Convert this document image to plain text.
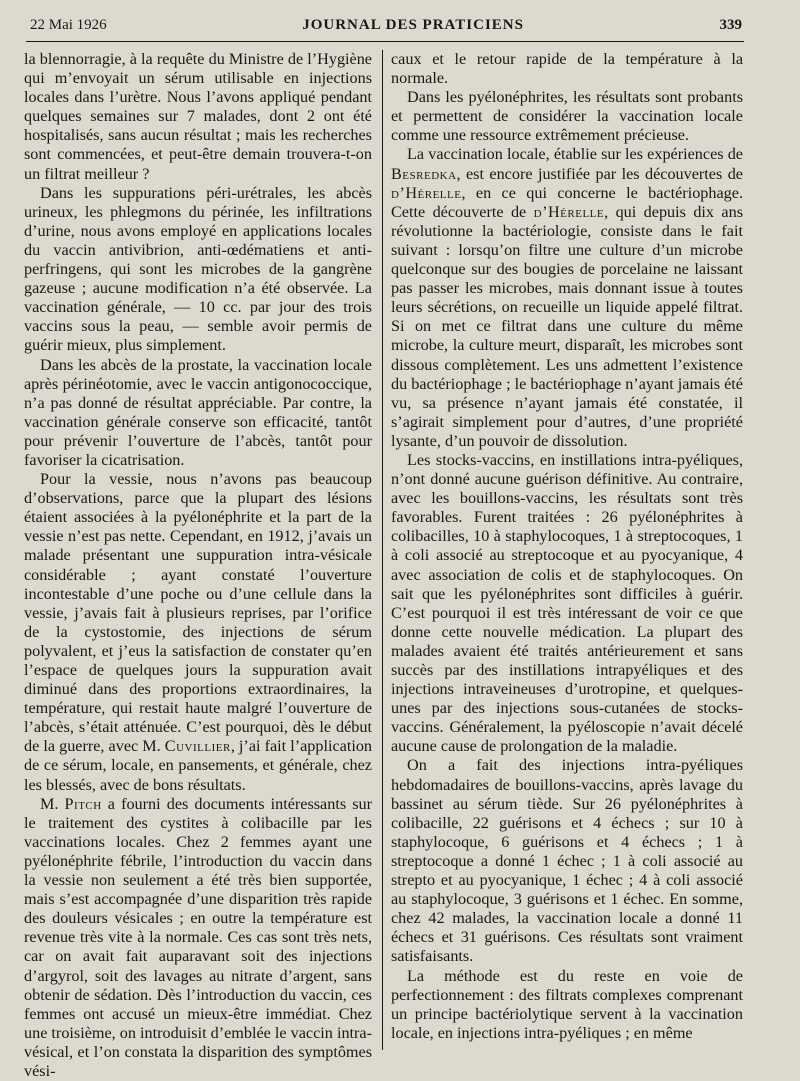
22 Mai 1926	JOURNAL DES PRATICIENS	339

la blennorragie, à la requête du Ministre de l’Hygiène qui m’envoyait un sérum utilisable en injections locales dans l’urètre. Nous l’avons appliqué pendant quelques semaines sur 7 malades, dont 2 ont été hospitalisés, sans aucun résultat ; mais les recherches sont commencées, et peut-être demain trouvera-t-on un filtrat meilleur ?

Dans les suppurations péri-urétrales, les abcès urineux, les phlegmons du périnée, les infiltrations d’urine, nous avons employé en applications locales du vaccin antivibrion, anti-œdématiens et anti-perfringens, qui sont les microbes de la gangrène gazeuse ; aucune modification n’a été observée. La vaccination générale, — 10 cc. par jour des trois vaccins sous la peau, — semble avoir permis de guérir mieux, plus simplement.

Dans les abcès de la prostate, la vaccination locale après périnéotomie, avec le vaccin antigonococcique, n’a pas donné de résultat appréciable. Par contre, la vaccination générale conserve son efficacité, tantôt pour prévenir l’ouverture de l’abcès, tantôt pour favoriser la cicatrisation.

Pour la vessie, nous n’avons pas beaucoup d’observations, parce que la plupart des lésions étaient associées à la pyélonéphrite et la part de la vessie n’est pas nette. Cependant, en 1912, j’avais un malade présentant une suppuration intra-vésicale considérable ; ayant constaté l’ouverture incontestable d’une poche ou d’une cellule dans la vessie, j’avais fait à plusieurs reprises, par l’orifice de la cystostomie, des injections de sérum polyvalent, et j’eus la satisfaction de constater qu’en l’espace de quelques jours la suppuration avait diminué dans des proportions extraordinaires, la température, qui restait haute malgré l’ouverture de l’abcès, s’était atténuée. C’est pourquoi, dès le début de la guerre, avec M. Cuvillier, j’ai fait l’application de ce sérum, locale, en pansements, et générale, chez les blessés, avec de bons résultats.

M. Pitch a fourni des documents intéressants sur le traitement des cystites à colibacille par les vaccinations locales. Chez 2 femmes ayant une pyélonéphrite fébrile, l’introduction du vaccin dans la vessie non seulement a été très bien supportée, mais s’est accompagnée d’une disparition très rapide des douleurs vésicales ; en outre la température est revenue très vite à la normale. Ces cas sont très nets, car on avait fait auparavant soit des injections d’argyrol, soit des lavages au nitrate d’argent, sans obtenir de sédation. Dès l’introduction du vaccin, ces femmes ont accusé un mieux-être immédiat. Chez une troisième, on introduisit d’emblée le vaccin intra-vésical, et l’on constata la disparition des symptômes vési-

caux et le retour rapide de la température à la normale.

Dans les pyélonéphrites, les résultats sont probants et permettent de considérer la vaccination locale comme une ressource extrêmement précieuse.

La vaccination locale, établie sur les expériences de Besredka, est encore justifiée par les découvertes de d’Hérelle, en ce qui concerne le bactériophage. Cette découverte de d’Hérelle, qui depuis dix ans révolutionne la bactériologie, consiste dans le fait suivant : lorsqu’on filtre une culture d’un microbe quelconque sur des bougies de porcelaine ne laissant pas passer les microbes, mais donnant issue à toutes leurs sécrétions, on recueille un liquide appelé filtrat. Si on met ce filtrat dans une culture du même microbe, la culture meurt, disparaît, les microbes sont dissous complètement. Les uns admettent l’existence du bactériophage ; le bactériophage n’ayant jamais été vu, sa présence n’ayant jamais été constatée, il s’agirait simplement pour d’autres, d’une propriété lysante, d’un pouvoir de dissolution.

Les stocks-vaccins, en instillations intra-pyéliques, n’ont donné aucune guérison définitive. Au contraire, avec les bouillons-vaccins, les résultats sont très favorables. Furent traitées : 26 pyélonéphrites à colibacilles, 10 à staphylocoques, 1 à streptocoques, 1 à coli associé au streptocoque et au pyocyanique, 4 avec association de colis et de staphylocoques. On sait que les pyélonéphrites sont difficiles à guérir. C’est pourquoi il est très intéressant de voir ce que donne cette nouvelle médication. La plupart des malades avaient été traités antérieurement et sans succès par des instillations intrapyéliques et des injections intraveineuses d’urotropine, et quelques-unes par des injections sous-cutanées de stocks-vaccins. Généralement, la pyéloscopie n’avait décelé aucune cause de prolongation de la maladie.

On a fait des injections intra-pyéliques hebdomadaires de bouillons-vaccins, après lavage du bassinet au sérum tiède. Sur 26 pyélonéphrites à colibacille, 22 guérisons et 4 échecs ; sur 10 à staphylocoque, 6 guérisons et 4 échecs ; 1 à streptocoque a donné 1 échec ; 1 à coli associé au strepto et au pyocyanique, 1 échec ; 4 à coli associé au staphylocoque, 3 guérisons et 1 échec. En somme, chez 42 malades, la vaccination locale a donné 11 échecs et 31 guérisons. Ces résultats sont vraiment satisfaisants.

La méthode est du reste en voie de perfectionnement : des filtrats complexes comprenant un principe bactériolytique servent à la vaccination locale, en injections intra-pyéliques ; en même
